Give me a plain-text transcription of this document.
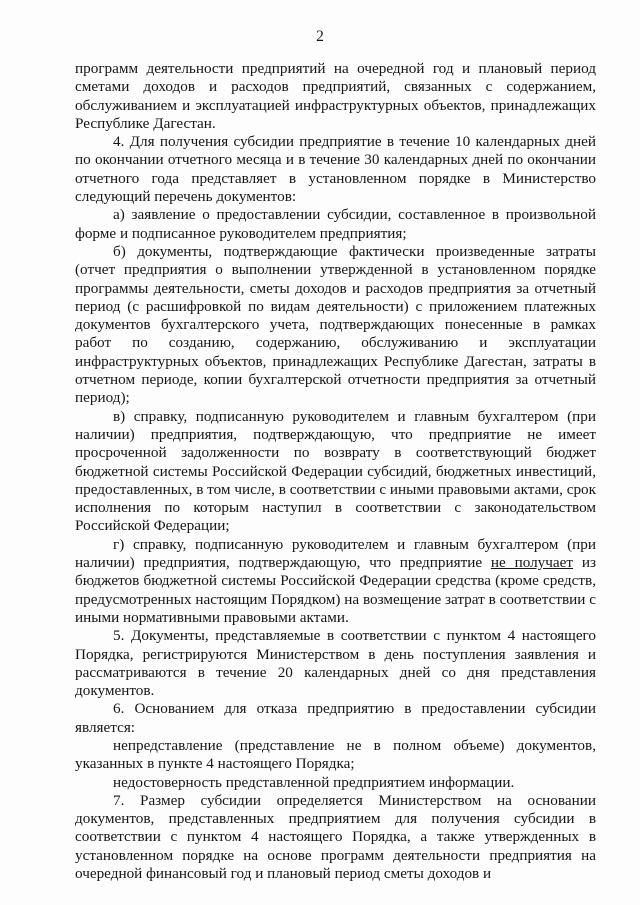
2

программ деятельности предприятий на очередной год и плановый период сметами доходов и расходов предприятий, связанных с содержанием, обслуживанием и эксплуатацией инфраструктурных объектов, принадлежащих Республике Дагестан.

4. Для получения субсидии предприятие в течение 10 календарных дней по окончании отчетного месяца и в течение 30 календарных дней по окончании отчетного года представляет в установленном порядке в Министерство следующий перечень документов:

а) заявление о предоставлении субсидии, составленное в произвольной форме и подписанное руководителем предприятия;

б) документы, подтверждающие фактически произведенные затраты (отчет предприятия о выполнении утвержденной в установленном порядке программы деятельности, сметы доходов и расходов предприятия за отчетный период (с расшифровкой по видам деятельности) с приложением платежных документов бухгалтерского учета, подтверждающих понесенные в рамках работ по созданию, содержанию, обслуживанию и эксплуатации инфраструктурных объектов, принадлежащих Республике Дагестан, затраты в отчетном периоде, копии бухгалтерской отчетности предприятия за отчетный период);

в) справку, подписанную руководителем и главным бухгалтером (при наличии) предприятия, подтверждающую, что предприятие не имеет просроченной задолженности по возврату в соответствующий бюджет бюджетной системы Российской Федерации субсидий, бюджетных инвестиций, предоставленных, в том числе, в соответствии с иными правовыми актами, срок исполнения по которым наступил в соответствии с законодательством Российской Федерации;

г) справку, подписанную руководителем и главным бухгалтером (при наличии) предприятия, подтверждающую, что предприятие не получает из бюджетов бюджетной системы Российской Федерации средства (кроме средств, предусмотренных настоящим Порядком) на возмещение затрат в соответствии с иными нормативными правовыми актами.

5. Документы, представляемые в соответствии с пунктом 4 настоящего Порядка, регистрируются Министерством в день поступления заявления и рассматриваются в течение 20 календарных дней со дня представления документов.

6. Основанием для отказа предприятию в предоставлении субсидии является:

непредставление (представление не в полном объеме) документов, указанных в пункте 4 настоящего Порядка;

недостоверность представленной предприятием информации.

7. Размер субсидии определяется Министерством на основании документов, представленных предприятием для получения субсидии в соответствии с пунктом 4 настоящего Порядка, а также утвержденных в установленном порядке на основе программ деятельности предприятия на очередной финансовый год и плановый период сметы доходов и
